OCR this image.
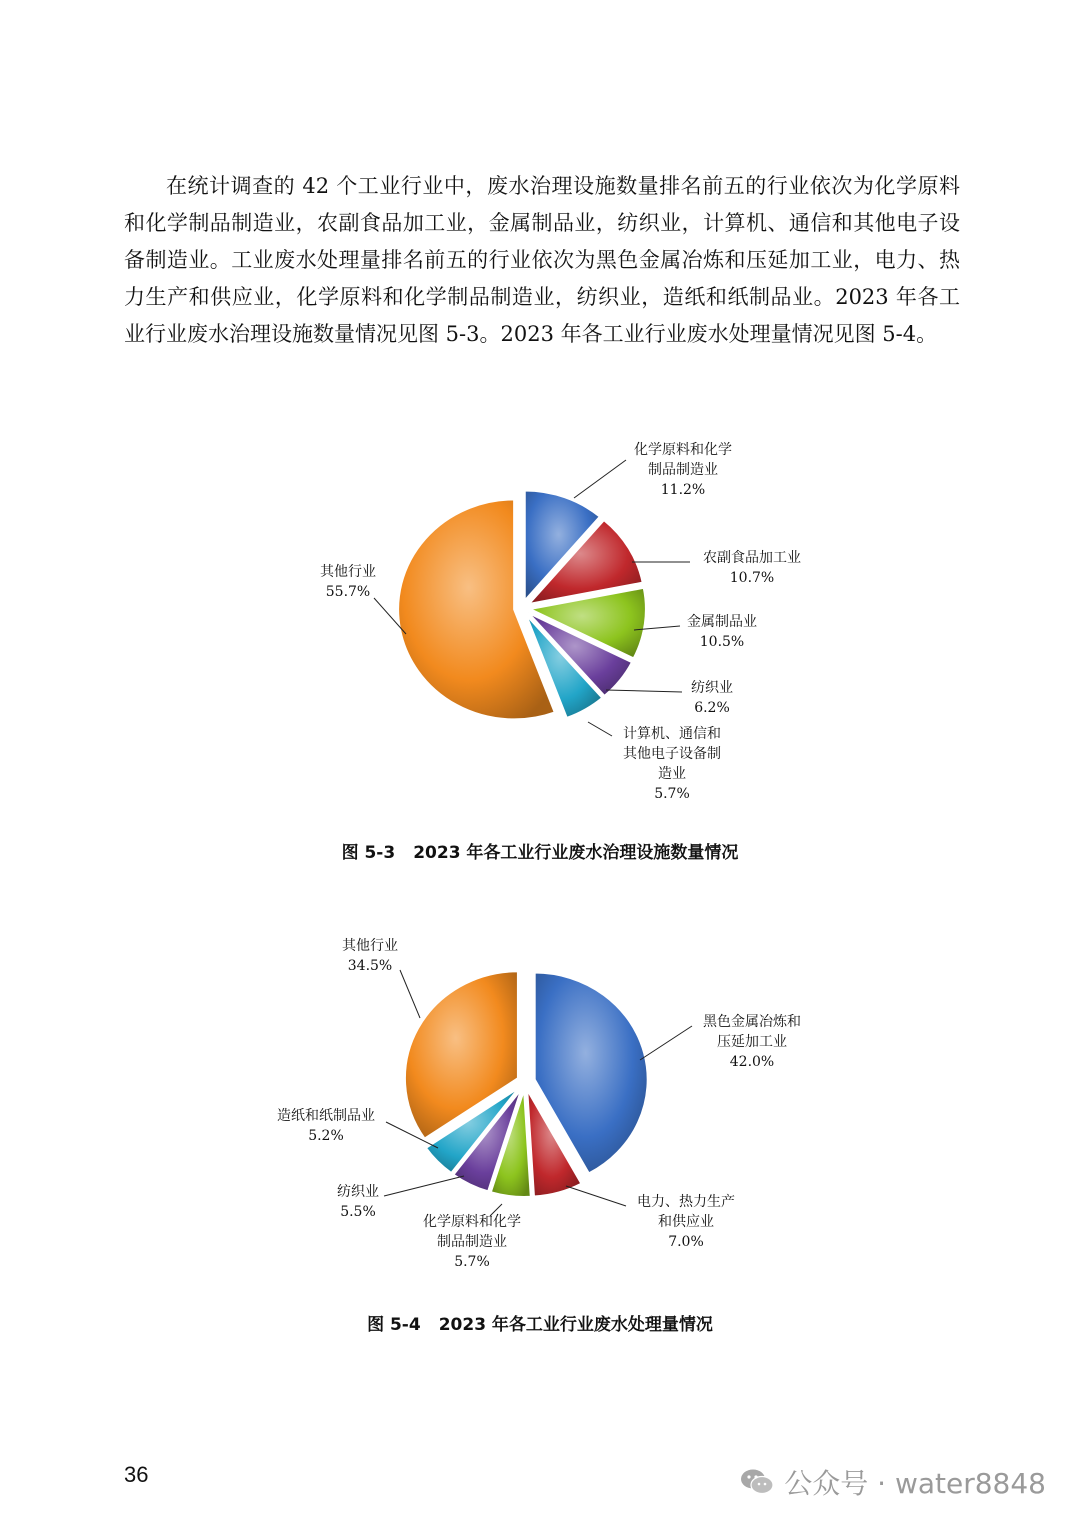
在统计调查的 42 个工业行业中，废水治理设施数量排名前五的行业依次为化学原料和化学制品制造业，农副食品加工业，金属制品业，纺织业，计算机、通信和其他电子设备制造业。工业废水处理量排名前五的行业依次为黑色金属冶炼和压延加工业，电力、热力生产和供应业，化学原料和化学制品制造业，纺织业，造纸和纸制品业。2023 年各工业行业废水治理设施数量情况见图 5-3。2023 年各工业行业废水处理量情况见图 5-4。

化学原料和化学
制品制造业
11.2%
农副食品加工业
10.7%
金属制品业
10.5%
纺织业
6.2%
计算机、通信和
其他电子设备制
造业
5.7%
其他行业
55.7%
图 5-3 2023 年各工业行业废水治理设施数量情况
黑色金属冶炼和
压延加工业
42.0%
电力、热力生产
和供应业
7.0%
化学原料和化学
制品制造业
5.7%
纺织业
5.5%
造纸和纸制品业
5.2%
其他行业
34.5%
图 5-4 2023 年各工业行业废水处理量情况
36	公众号 · water8848
